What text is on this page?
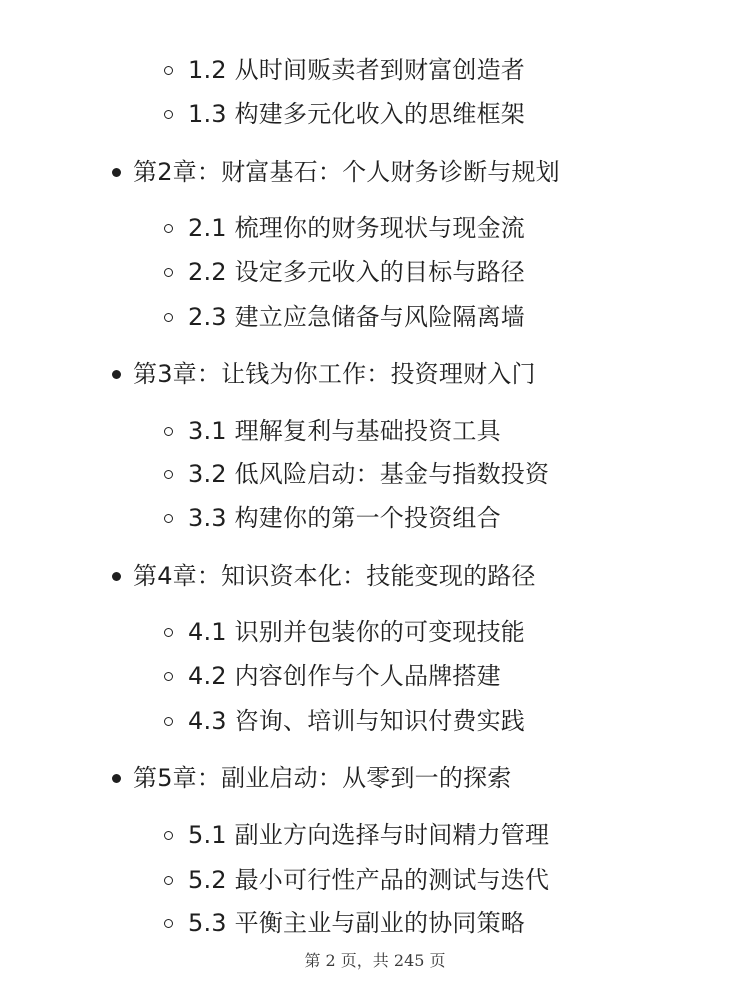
1.2 从时间贩卖者到财富创造者
1.3 构建多元化收入的思维框架
第2章：财富基石：个人财务诊断与规划
2.1 梳理你的财务现状与现金流
2.2 设定多元收入的目标与路径
2.3 建立应急储备与风险隔离墙
第3章：让钱为你工作：投资理财入门
3.1 理解复利与基础投资工具
3.2 低风险启动：基金与指数投资
3.3 构建你的第一个投资组合
第4章：知识资本化：技能变现的路径
4.1 识别并包装你的可变现技能
4.2 内容创作与个人品牌搭建
4.3 咨询、培训与知识付费实践
第5章：副业启动：从零到一的探索
5.1 副业方向选择与时间精力管理
5.2 最小可行性产品的测试与迭代
5.3 平衡主业与副业的协同策略
第 2 页，共 245 页
